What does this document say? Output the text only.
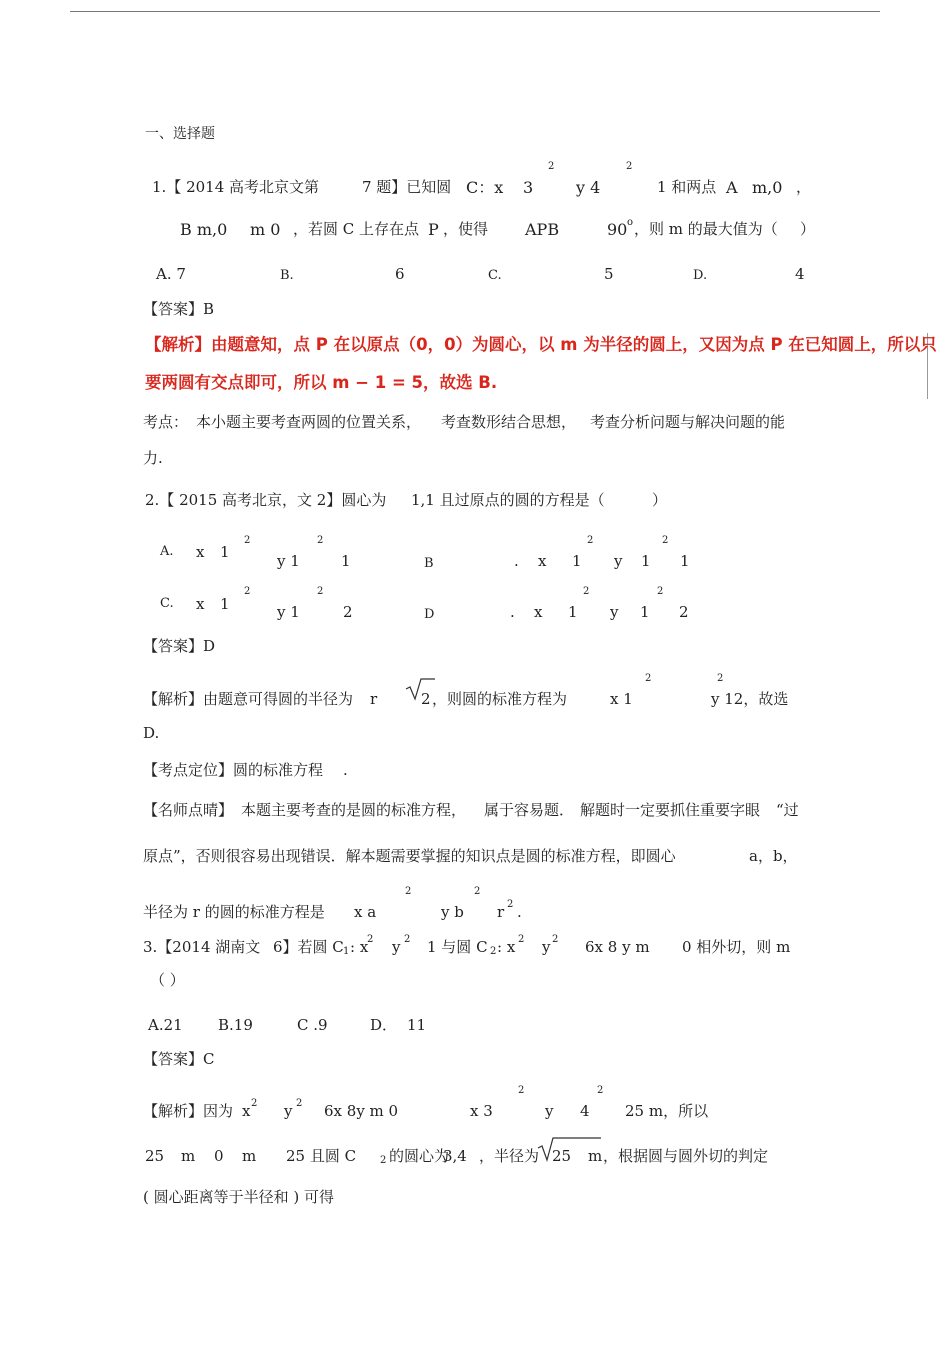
一、选择题
1.【 2014 高考北京文第	7 题】已知圆 C：x
2
3	y 4
2
1 和两点 A m,0 ，
B m,0 m 0 ，若圆 C 上存在点 P ，使得 APB	90 o ，则 m 的最大值为（ ）
A. 7	B.	6	C.	5	D.	4
【答案】B
【解析】由题意知，点 P 在以原点（0，0）为圆心，以 m 为半径的圆上，又因为点 P 在已知圆上，所以只
要两圆有交点即可，所以 m − 1 = 5，故选 B.
考点： 本小题主要考查两圆的位置关系， 考查数形结合思想， 考查分析问题与解决问题的能
力.
2.【 2015 高考北京，文 2】圆心为 1,1 且过原点的圆的方程是（	）
A. x 1
2
y 1
2
1	B	. x 1
2
y 1
2
1
C. x 1
2
y 1
2
2	D	. x 1
2
y 1
2
2
【答案】D
【解析】由题意可得圆的半径为 r	2 ，则圆的标准方程为	x 1
2	2
y 12，故选
D.
【考点定位】圆的标准方程 .
【名师点晴】 本题主要考查的是圆的标准方程， 属于容易题． 解题时一定要抓住重要字眼 “过
原点”，否则很容易出现错误．解本题需要掌握的知识点是圆的标准方程，即圆心	a，b，
半径为 r 的圆的标准方程是 x a
2
y b
2
r 2 .
3.【2014 湖南文 6】若圆 C 1 : x
2 y 2 1 与圆 C 2 : x 2 y 2 6x 8 y m 0 相外切，则 m
（ ）
A.21 B.19	C .9	D． 11
【答案】C
【解析】因为 x 2 y 2 6x 8y m 0	x 3
2
y 4
2
25 m，所以
25 m 0 m 25 且圆 C 2 的圆心为
3,4 ，半径为 25 m ，根据圆与圆外切的判定
( 圆心距离等于半径和 ) 可得
